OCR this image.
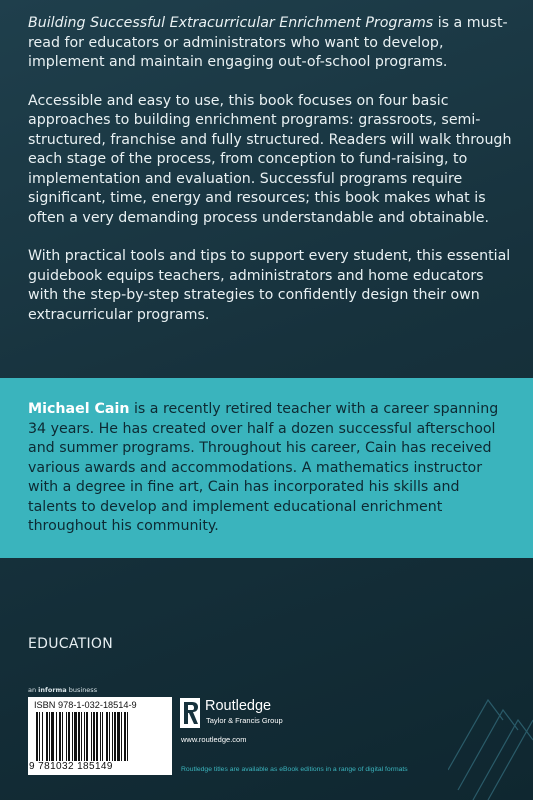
Building Successful Extracurricular Enrichment Programs is a must-read for educators or administrators who want to develop, implement and maintain engaging out-of-school programs.

Accessible and easy to use, this book focuses on four basic approaches to building enrichment programs: grassroots, semi-structured, franchise and fully structured. Readers will walk through each stage of the process, from conception to fund-raising, to implementation and evaluation. Successful programs require significant, time, energy and resources; this book makes what is often a very demanding process understandable and obtainable.

With practical tools and tips to support every student, this essential guidebook equips teachers, administrators and home educators with the step-by-step strategies to confidently design their own extracurricular programs.

Michael Cain is a recently retired teacher with a career spanning 34 years. He has created over half a dozen successful afterschool and summer programs. Throughout his career, Cain has received various awards and accommodations. A mathematics instructor with a degree in fine art, Cain has incorporated his skills and talents to develop and implement educational enrichment throughout his community.

EDUCATION
an informa business
ISBN 978-1-032-18514-9
9 781032 185149
Routledge
Taylor & Francis Group
www.routledge.com
Routledge titles are available as eBook editions in a range of digital formats
